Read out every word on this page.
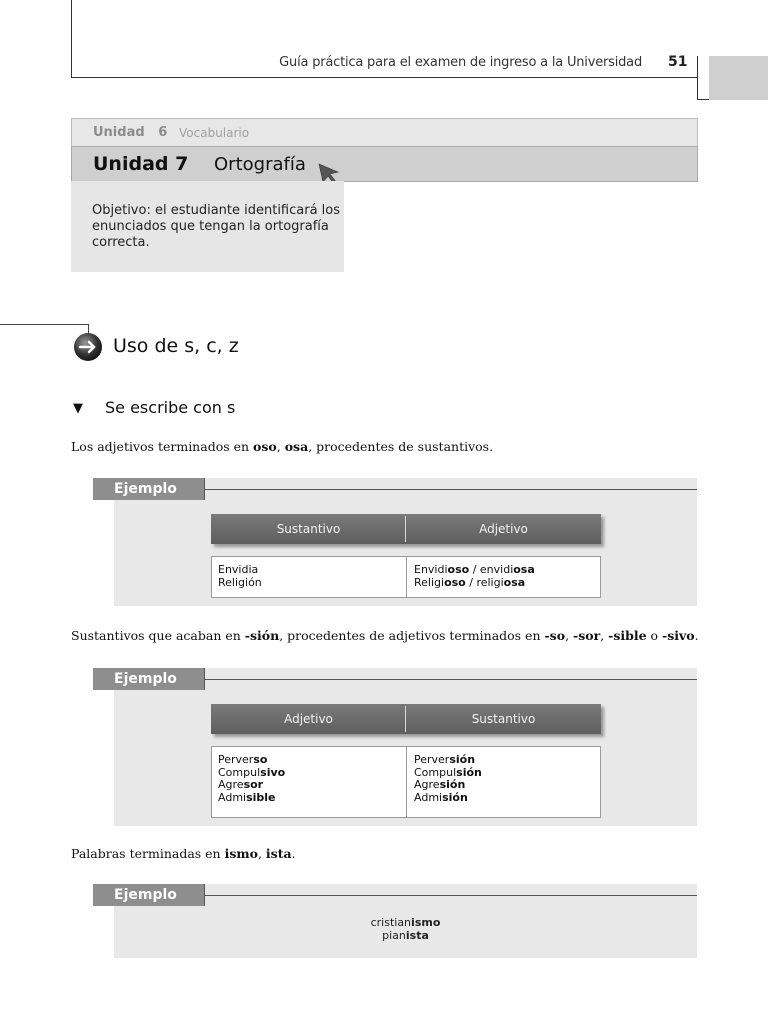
Guía práctica para el examen de ingreso a la Universidad 51
Unidad 6 Vocabulario
Unidad 7 Ortografía

Objetivo: el estudiante identificará los enunciados que tengan la ortografía correcta.

Uso de s, c, z
▼ Se escribe con s
Los adjetivos terminados en oso, osa, procedentes de sustantivos.
Ejemplo
Sustantivo	Adjetivo
Envidia
Religión
Envidioso / envidiosa
Religioso / religiosa
Sustantivos que acaban en -sión, procedentes de adjetivos terminados en -so, -sor, -sible o -sivo.
Ejemplo
Adjetivo	Sustantivo
Perverso
Compulsivo
Agresor
Admisible
Perversión
Compulsión
Agresión
Admisión
Palabras terminadas en ismo, ista.
Ejemplo
cristianismo
pianista
